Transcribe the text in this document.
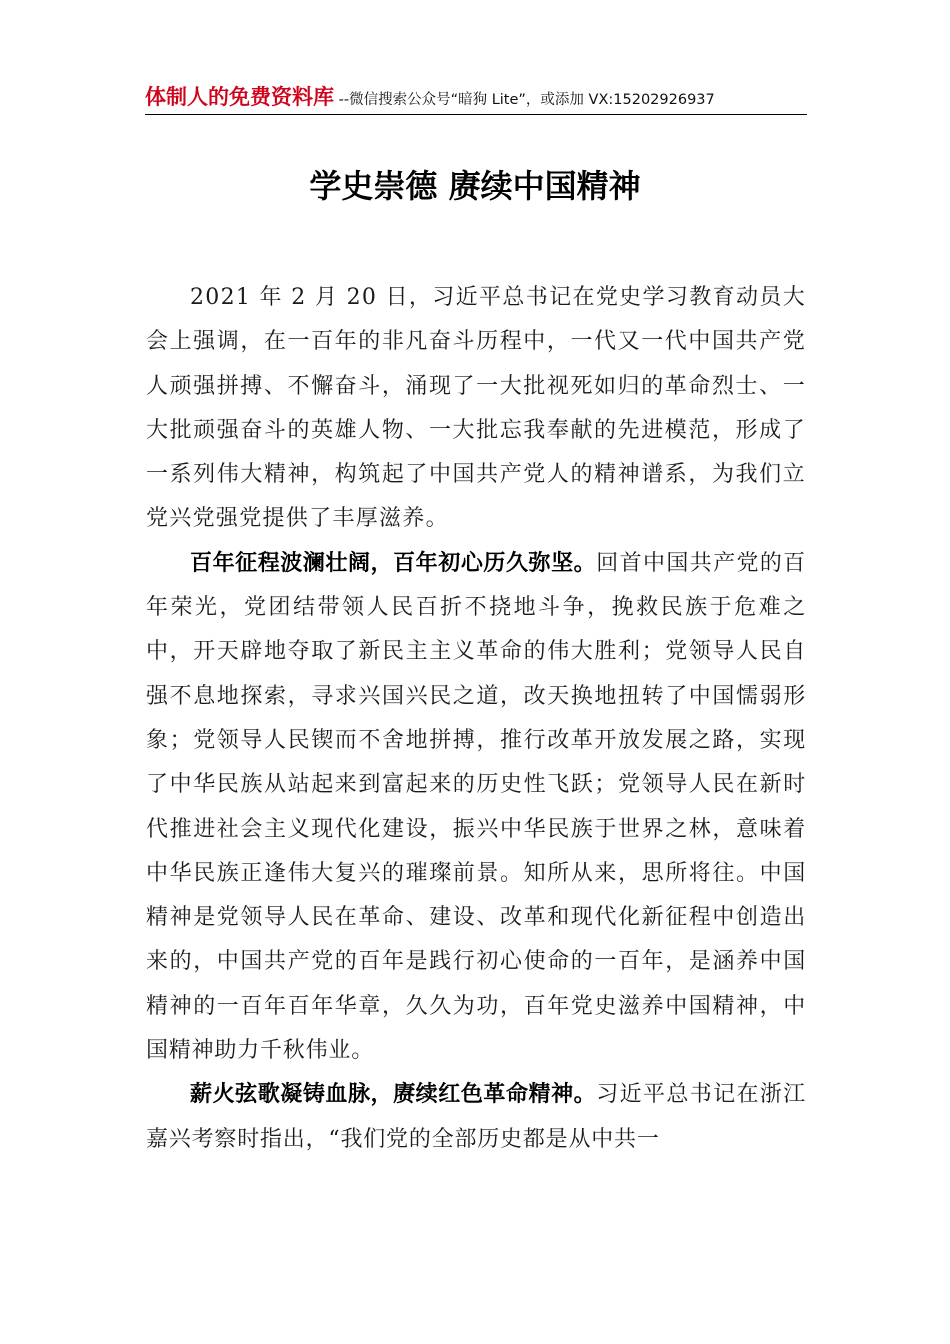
体制人的免费资料库 --微信搜索公众号“暗狗 Lite”，或添加 VX:15202926937
学史崇德 赓续中国精神

2021 年 2 月 20 日，习近平总书记在党史学习教育动员大会上强调，在一百年的非凡奋斗历程中，一代又一代中国共产党人顽强拼搏、不懈奋斗，涌现了一大批视死如归的革命烈士、一大批顽强奋斗的英雄人物、一大批忘我奉献的先进模范，形成了一系列伟大精神，构筑起了中国共产党人的精神谱系，为我们立党兴党强党提供了丰厚滋养。

百年征程波澜壮阔，百年初心历久弥坚。回首中国共产党的百年荣光，党团结带领人民百折不挠地斗争，挽救民族于危难之中，开天辟地夺取了新民主主义革命的伟大胜利；党领导人民自强不息地探索，寻求兴国兴民之道，改天换地扭转了中国懦弱形象；党领导人民锲而不舍地拼搏，推行改革开放发展之路，实现了中华民族从站起来到富起来的历史性飞跃；党领导人民在新时代推进社会主义现代化建设，振兴中华民族于世界之林，意味着中华民族正逢伟大复兴的璀璨前景。知所从来，思所将往。中国精神是党领导人民在革命、建设、改革和现代化新征程中创造出来的，中国共产党的百年是践行初心使命的一百年，是涵养中国精神的一百年百年华章，久久为功，百年党史滋养中国精神，中国精神助力千秋伟业。

薪火弦歌凝铸血脉，赓续红色革命精神。习近平总书记在浙江嘉兴考察时指出，“我们党的全部历史都是从中共一
